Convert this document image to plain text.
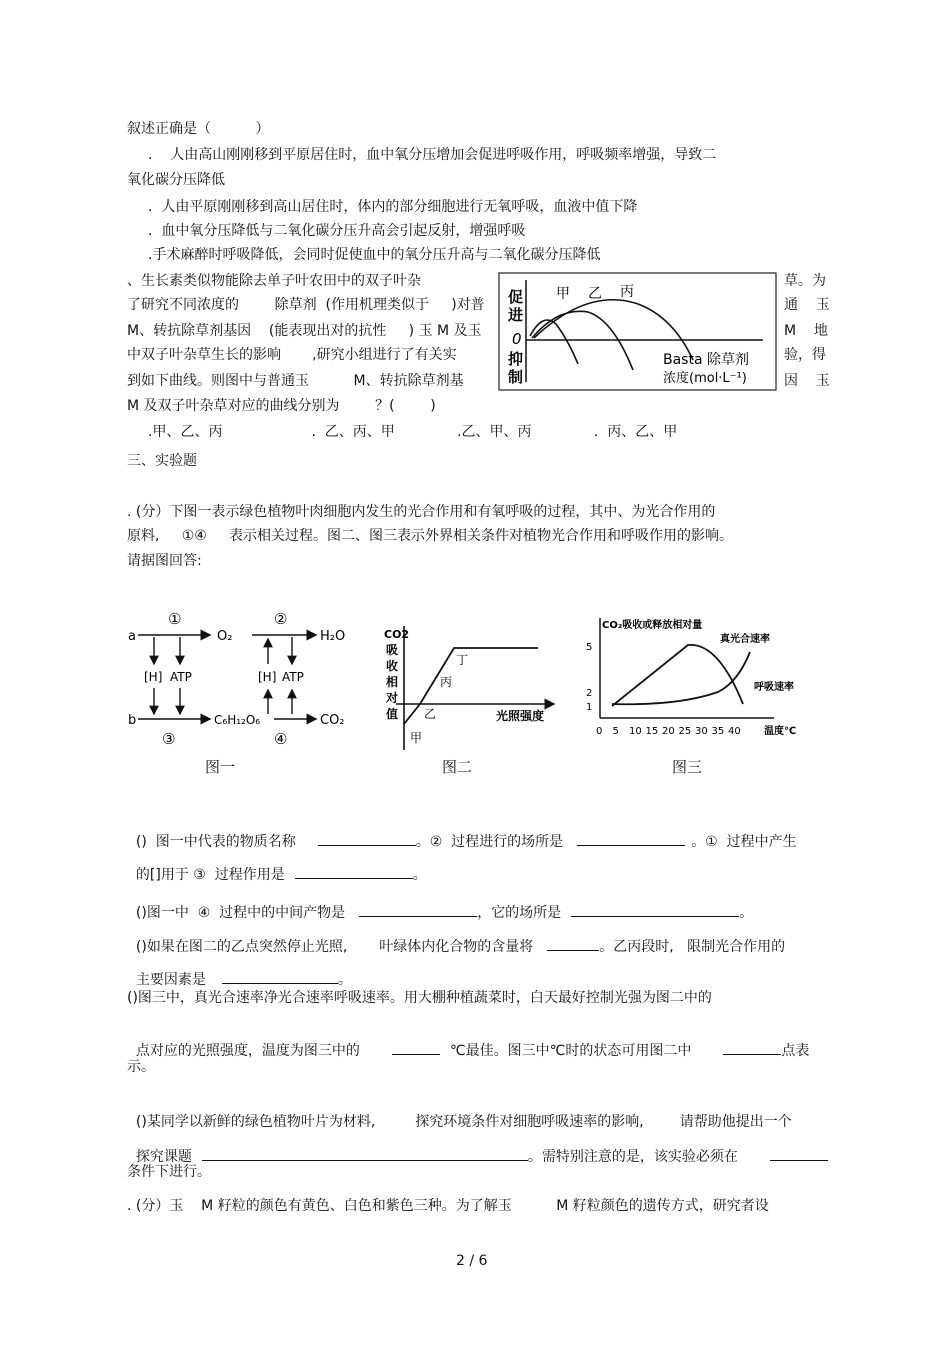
叙述正确是（          ）
.    人由高山刚刚移到平原居住时，血中氧分压增加会促进呼吸作用，呼吸频率增强，导致二
氧化碳分压降低
.  人由平原刚刚移到高山居住时，体内的部分细胞进行无氧呼吸，血液中值下降
.  血中氧分压降低与二氧化碳分压升高会引起反射，增强呼吸
.手术麻醉时呼吸降低，会同时促使血中的氧分压升高与二氧化碳分压降低
、生长素类似物能除去单子叶农田中的双子叶杂
了研究不同浓度的        除草剂  (作用机理类似于     )对普
M、转抗除草剂基因    (能表现出对的抗性     ) 玉 M 及玉
中双子叶杂草生长的影响       ,研究小组进行了有关实
到如下曲线。则图中与普通玉          M、转抗除草剂基
M 及双子叶杂草对应的曲线分别为        ？(        )
草。为
通    玉
M    地
验，得
因    玉
.甲、乙、丙                    .  乙、丙、甲              .乙、甲、丙              .  丙、乙、甲
促
进
0
抑
制
甲 乙 丙
Basta 除草剂
浓度(mol·L⁻¹)
三、实验题
. (分）下图一表示绿色植物叶肉细胞内发生的光合作用和有氧呼吸的过程，其中、为光合作用的
原料,     ①④     表示相关过程。图二、图三表示外界相关条件对植物光合作用和呼吸作用的影响。
请据图回答:
a
①
O₂
[H] ATP
b
③
C₆H₁₂O₆
②
H₂O
[H] ATP
④
CO₂
图一
CO2
吸
收
相
对
值
甲
乙
丙
丁
光照强度
图二
CO₂吸收或释放相对量
5
2
1
0 5 10 15 20 25 30 35 40 温度℃
真光合速率
呼吸速率
图三

()  图一中代表的物质名称	。②  过程进行的场所是	。①  过程中产生

的[]用于 ③  过程作用是	。

()图一中  ④  过程中的中间产物是	，它的场所是	。

()如果在图二的乙点突然停止光照, 叶绿体内化合物的含量将	。乙丙段时,   限制光合作用的

主要因素是	。

()图三中，真光合速率净光合速率呼吸速率。用大棚种植蔬菜时，白天最好控制光强为图二中的

点对应的光照强度，温度为图三中的	℃最佳。图三中℃时的状态可用图二中	点表

示。

()某同学以新鲜的绿色植物叶片为材料,	探究环境条件对细胞呼吸速率的影响,	请帮助他提出一个

探究课题	。需特别注意的是，该实验必须在

条件下进行。
. (分）玉    M 籽粒的颜色有黄色、白色和紫色三种。为了解玉          M 籽粒颜色的遗传方式，研究者设
2 / 6
